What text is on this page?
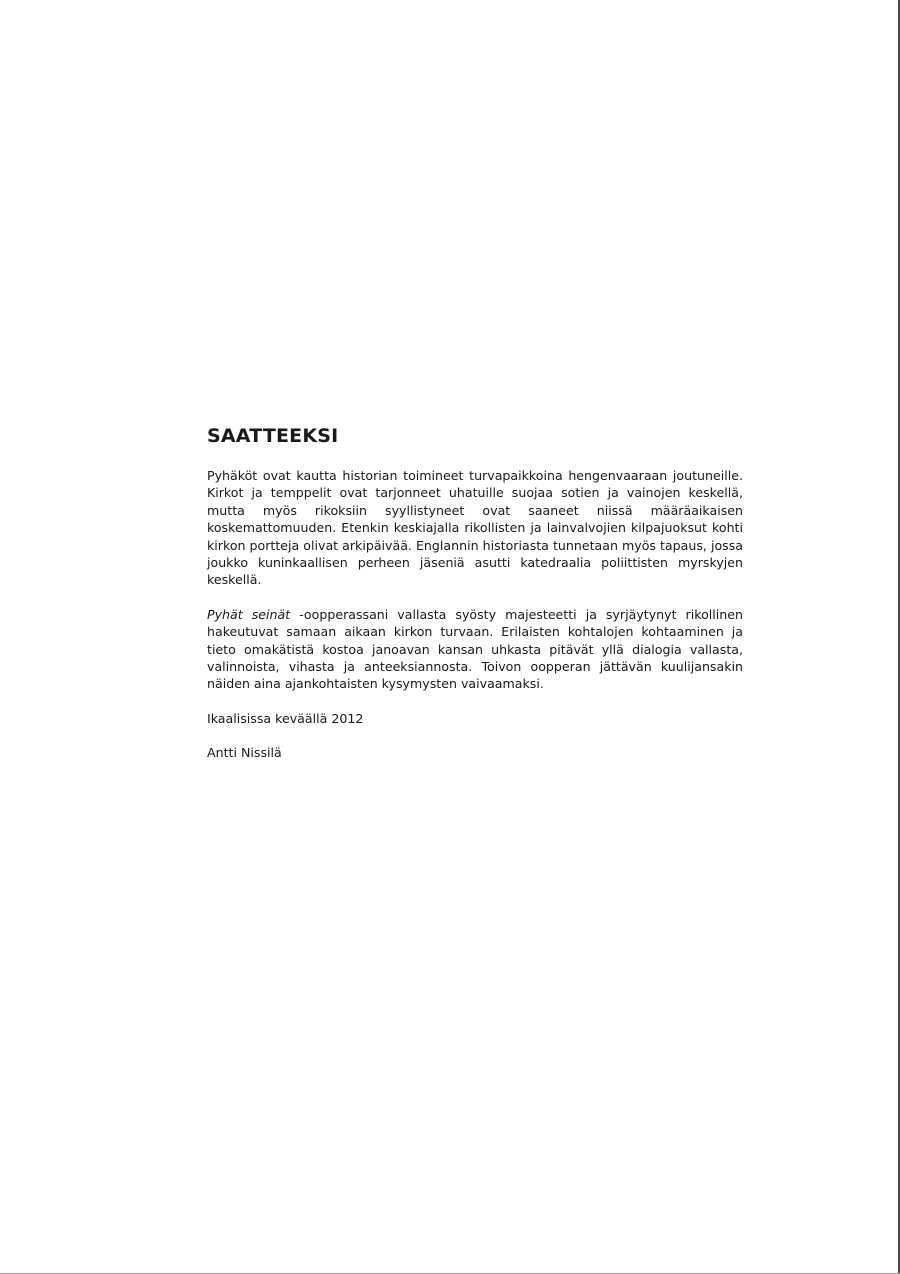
SAATTEEKSI

Pyhäköt ovat kautta historian toimineet turvapaikkoina hengenvaaraan joutuneille. Kirkot ja temppelit ovat tarjonneet uhatuille suojaa sotien ja vainojen keskellä, mutta myös rikoksiin syyllistyneet ovat saaneet niissä määräaikaisen koskemattomuuden. Etenkin keskiajalla rikollisten ja lainvalvojien kilpajuoksut kohti kirkon portteja olivat arkipäivää. Englannin historiasta tunnetaan myös tapaus, jossa joukko kuninkaallisen perheen jäseniä asutti katedraalia poliittisten myrskyjen keskellä.

Pyhät seinät -oopperassani vallasta syösty majesteetti ja syrjäytynyt rikollinen hakeutuvat samaan aikaan kirkon turvaan. Erilaisten kohtalojen kohtaaminen ja tieto omakätistä kostoa janoavan kansan uhkasta pitävät yllä dialogia vallasta, valinnoista, vihasta ja anteeksiannosta. Toivon oopperan jättävän kuulijansakin näiden aina ajankohtaisten kysymysten vaivaamaksi.

Ikaalisissa keväällä 2012

Antti Nissilä
